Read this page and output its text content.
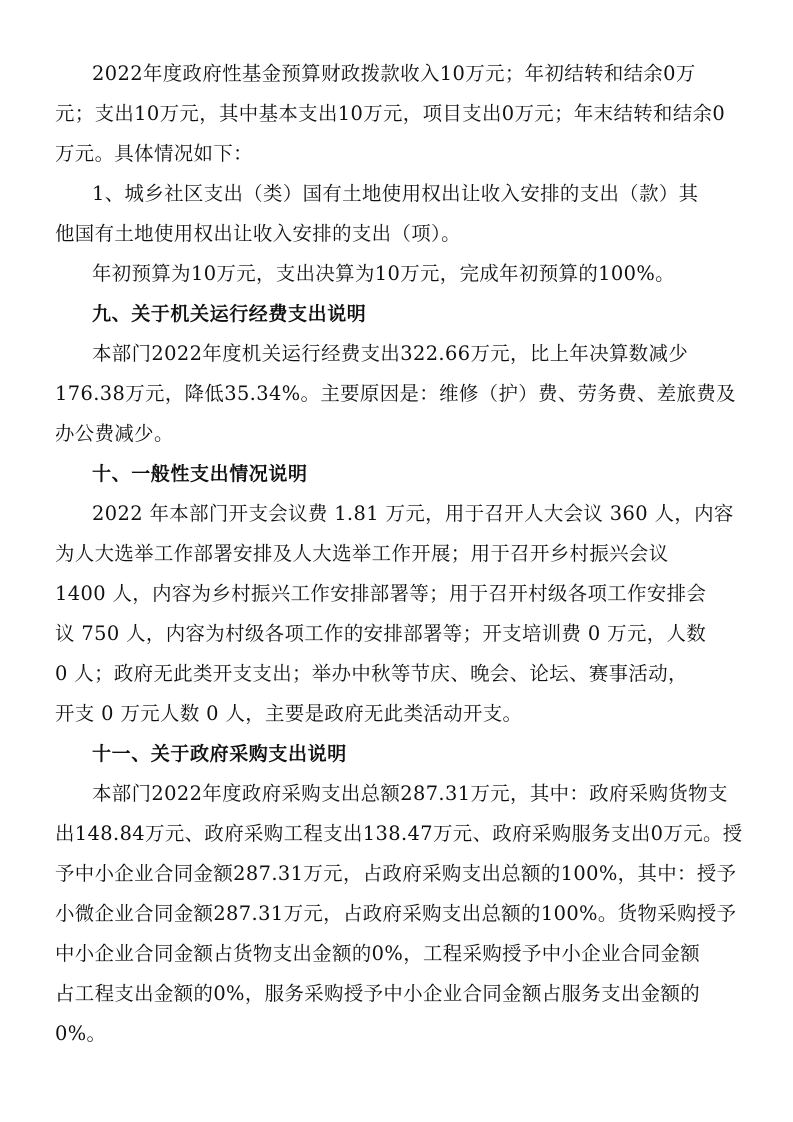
2022年度政府性基金预算财政拨款收入10万元；年初结转和结余0万
元；支出10万元，其中基本支出10万元，项目支出0万元；年末结转和结余0
万元。具体情况如下：
1、城乡社区支出（类）国有土地使用权出让收入安排的支出（款）其
他国有土地使用权出让收入安排的支出（项）。
年初预算为10万元，支出决算为10万元，完成年初预算的100%。
九、关于机关运行经费支出说明
本部门2022年度机关运行经费支出322.66万元，比上年决算数减少
176.38万元，降低35.34%。主要原因是：维修（护）费、劳务费、差旅费及
办公费减少。
十、一般性支出情况说明
2022 年本部门开支会议费 1.81 万元，用于召开人大会议 360 人，内容
为人大选举工作部署安排及人大选举工作开展；用于召开乡村振兴会议
1400 人，内容为乡村振兴工作安排部署等；用于召开村级各项工作安排会
议 750 人，内容为村级各项工作的安排部署等；开支培训费 0 万元，人数
0 人；政府无此类开支支出；举办中秋等节庆、晚会、论坛、赛事活动，
开支 0 万元人数 0 人，主要是政府无此类活动开支。
十一、关于政府采购支出说明
本部门2022年度政府采购支出总额287.31万元，其中：政府采购货物支
出148.84万元、政府采购工程支出138.47万元、政府采购服务支出0万元。授
予中小企业合同金额287.31万元，占政府采购支出总额的100%，其中：授予
小微企业合同金额287.31万元，占政府采购支出总额的100%。货物采购授予
中小企业合同金额占货物支出金额的0%，工程采购授予中小企业合同金额
占工程支出金额的0%，服务采购授予中小企业合同金额占服务支出金额的
0%。
